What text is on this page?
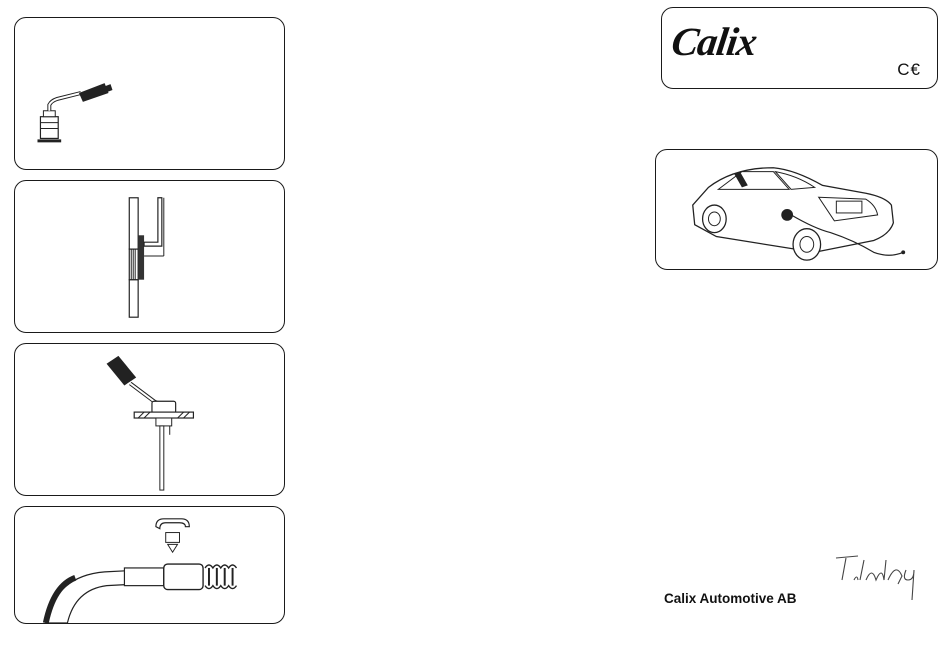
Calix
C€
Calix Automotive AB
